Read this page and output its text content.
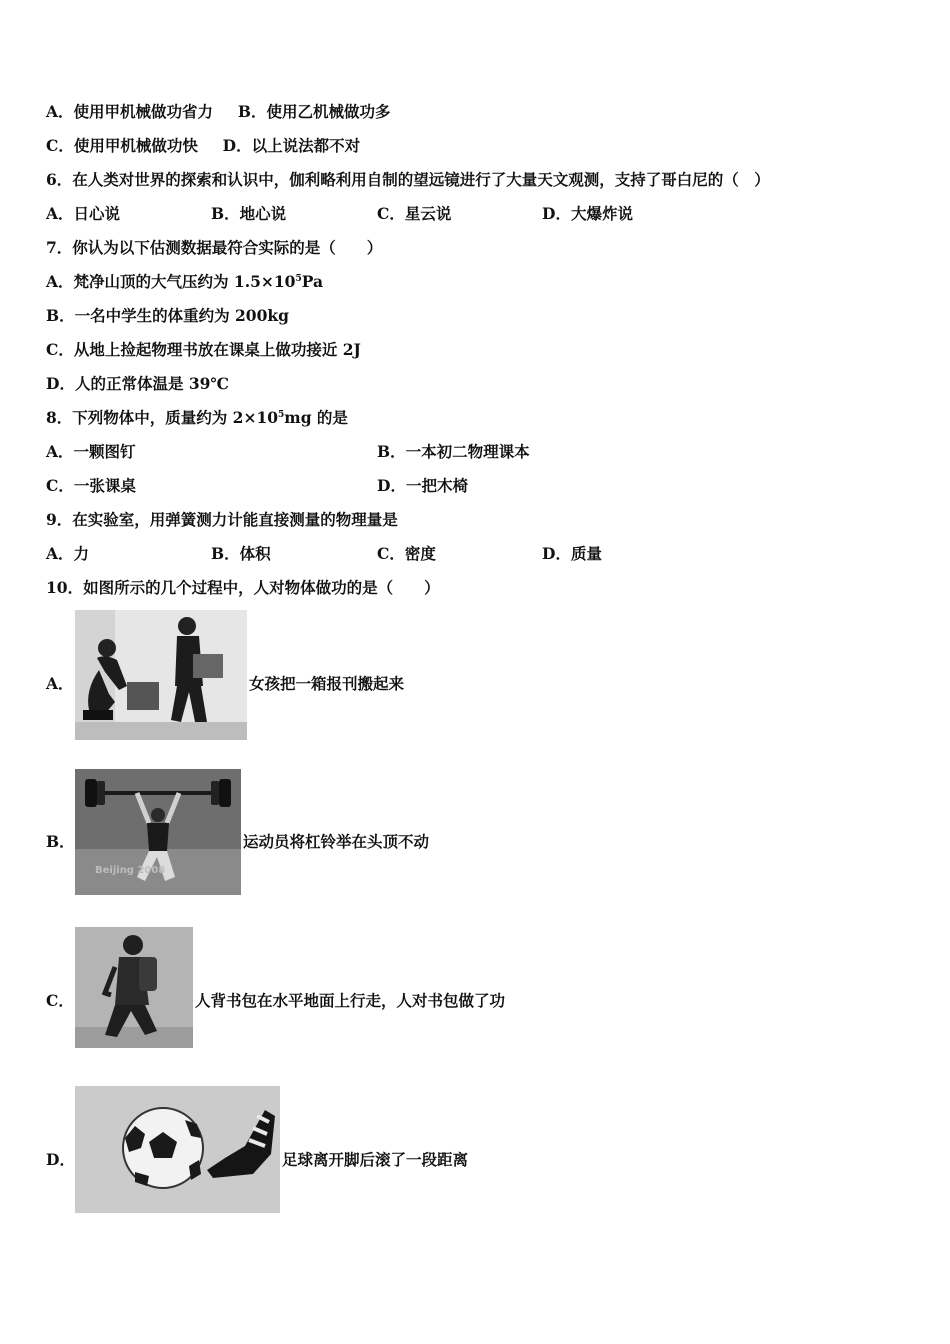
A．使用甲机械做功省力 B．使用乙机械做功多
C．使用甲机械做功快 D．以上说法都不对
6．在人类对世界的探索和认识中，伽利略利用自制的望远镜进行了大量天文观测，支持了哥白尼的（　）
A．日心说	B．地心说	C．星云说	D．大爆炸说
7．你认为以下估测数据最符合实际的是（　　）
A．梵净山顶的大气压约为 $1.5\times 10^5Pa$
B．一名中学生的体重约为 200kg
C．从地上捡起物理书放在课桌上做功接近 2J
D．人的正常体温是 39℃
8．下列物体中，质量约为 $2\times 10^5mg$ 的是
A．一颗图钉	B．一本初二物理课本
C．一张课桌	D．一把木椅
9．在实验室，用弹簧测力计能直接测量的物理量是
A．力	B．体积	C．密度	D．质量
10．如图所示的几个过程中，人对物体做功的是（　　）
A．	女孩把一箱报刊搬起来
B．
Beijing 2008
运动员将杠铃举在头顶不动
C．	人背书包在水平地面上行走，人对书包做了功
D．	足球离开脚后滚了一段距离
